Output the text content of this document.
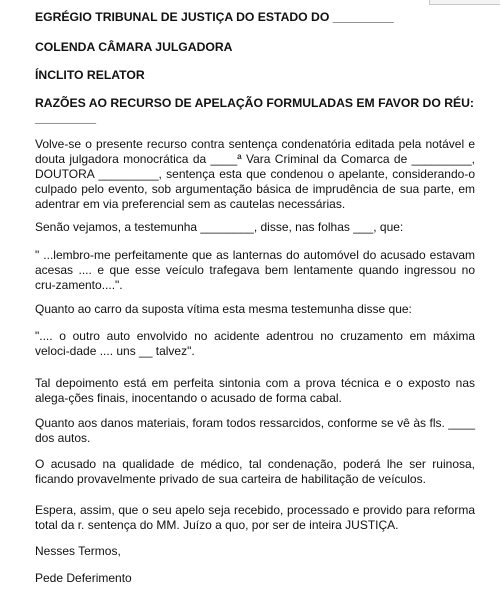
EGRÉGIO TRIBUNAL DE JUSTIÇA DO ESTADO DO _________

COLENDA CÂMARA JULGADORA

ÍNCLITO RELATOR

RAZÕES AO RECURSO DE APELAÇÃO FORMULADAS EM FAVOR DO RÉU: _________

Volve-se o presente recurso contra sentença condenatória editada pela notável e douta julgadora monocrática da ____ª Vara Criminal da Comarca de _________, DOUTORA _________, sentença esta que condenou o apelante, considerando-o culpado pelo evento, sob argumentação básica de imprudência de sua parte, em adentrar em via preferencial sem as cautelas necessárias.

Senão vejamos, a testemunha ________, disse, nas folhas ___, que:

" ...lembro-me perfeitamente que as lanternas do automóvel do acusado estavam acesas .... e que esse veículo trafegava bem lentamente quando ingressou no cru-zamento....".

Quanto ao carro da suposta vítima esta mesma testemunha disse que:

".... o outro auto envolvido no acidente adentrou no cruzamento em máxima veloci-dade .... uns __ talvez".

Tal depoimento está em perfeita sintonia com a prova técnica e o exposto nas alega-ções finais, inocentando o acusado de forma cabal.

Quanto aos danos materiais, foram todos ressarcidos, conforme se vê às fls. ____ dos autos.

O acusado na qualidade de médico, tal condenação, poderá lhe ser ruinosa, ficando provavelmente privado de sua carteira de habilitação de veículos.

Espera, assim, que o seu apelo seja recebido, processado e provido para reforma total da r. sentença do MM. Juízo a quo, por ser de inteira JUSTIÇA.

Nesses Termos,

Pede Deferimento
